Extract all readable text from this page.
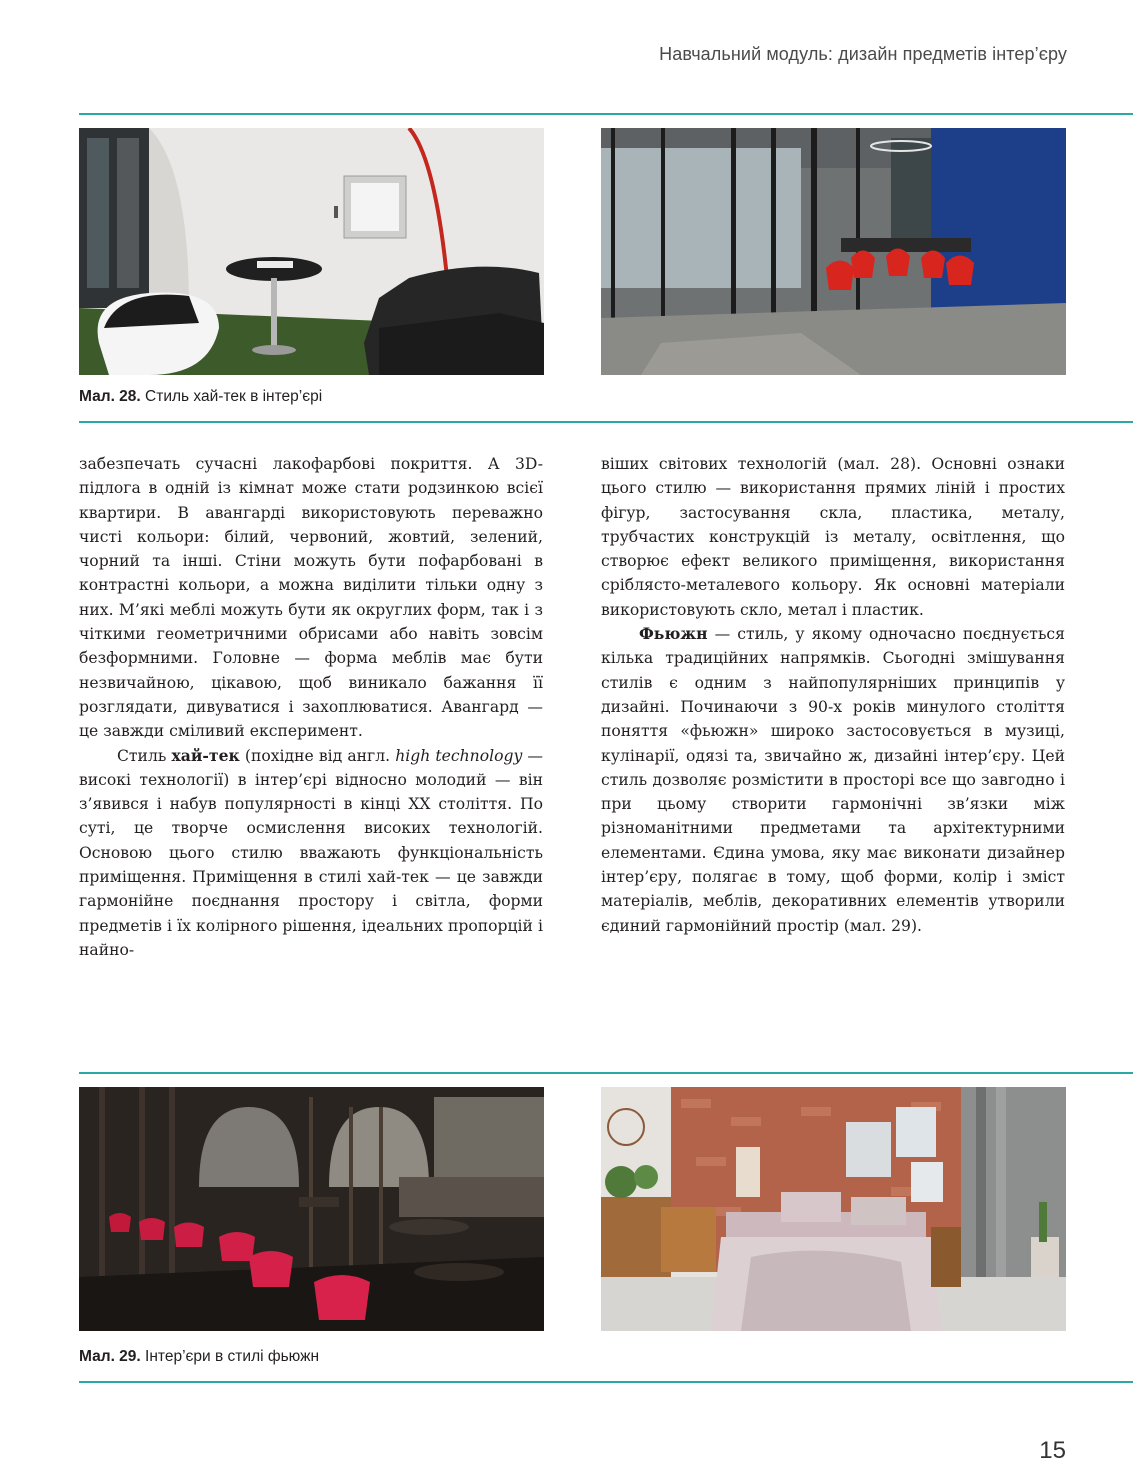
Навчальний модуль: дизайн предметів інтер’єру
Мал. 28. Стиль хай-тек в інтер’єрі

забезпечать сучасні лакофарбові покриття. А 3D-підлога в одній із кімнат може стати родзинкою всієї квартири. В авангарді використовують переважно чисті кольори: білий, червоний, жовтий, зелений, чорний та інші. Стіни можуть бути пофарбовані в контрастні кольори, а можна виділити тільки одну з них. М’які меблі можуть бути як округлих форм, так і з чіткими геометричними обрисами або навіть зовсім безформними. Головне — форма меблів має бути незвичайною, цікавою, щоб виникало бажання її розглядати, дивуватися і захоплюватися. Авангард — це завжди сміливий експеримент.

Стиль хай-тек (похідне від англ. high technology — високі технології) в інтер’єрі відносно молодий — він з’явився і набув популярності в кінці XX століття. По суті, це творче осмислення високих технологій. Основою цього стилю вважають функціональність приміщення. Приміщення в стилі хай-тек — це завжди гармонійне поєднання простору і світла, форми предметів і їх колірного рішення, ідеальних пропорцій і найно-

віших світових технологій (мал. 28). Основні ознаки цього стилю — використання прямих ліній і простих фігур, застосування скла, пластика, металу, трубчастих конструкцій із металу, освітлення, що створює ефект великого приміщення, використання сріблясто-металевого кольору. Як основні матеріали використовують скло, метал і пластик.

Фьюжн — стиль, у якому одночасно поєднується кілька традиційних напрямків. Сьогодні змішування стилів є одним з найпопулярніших принципів у дизайні. Починаючи з 90-х років минулого століття поняття «фьюжн» широко застосовується в музиці, кулінарії, одязі та, звичайно ж, дизайні інтер’єру. Цей стиль дозволяє розмістити в просторі все що завгодно і при цьому створити гармонічні зв’язки між різноманітними предметами та архітектурними елементами. Єдина умова, яку має виконати дизайнер інтер’єру, полягає в тому, щоб форми, колір і зміст матеріалів, меблів, декоративних елементів утворили єдиний гармонійний простір (мал. 29).

Мал. 29. Інтер’єри в стилі фьюжн
15
